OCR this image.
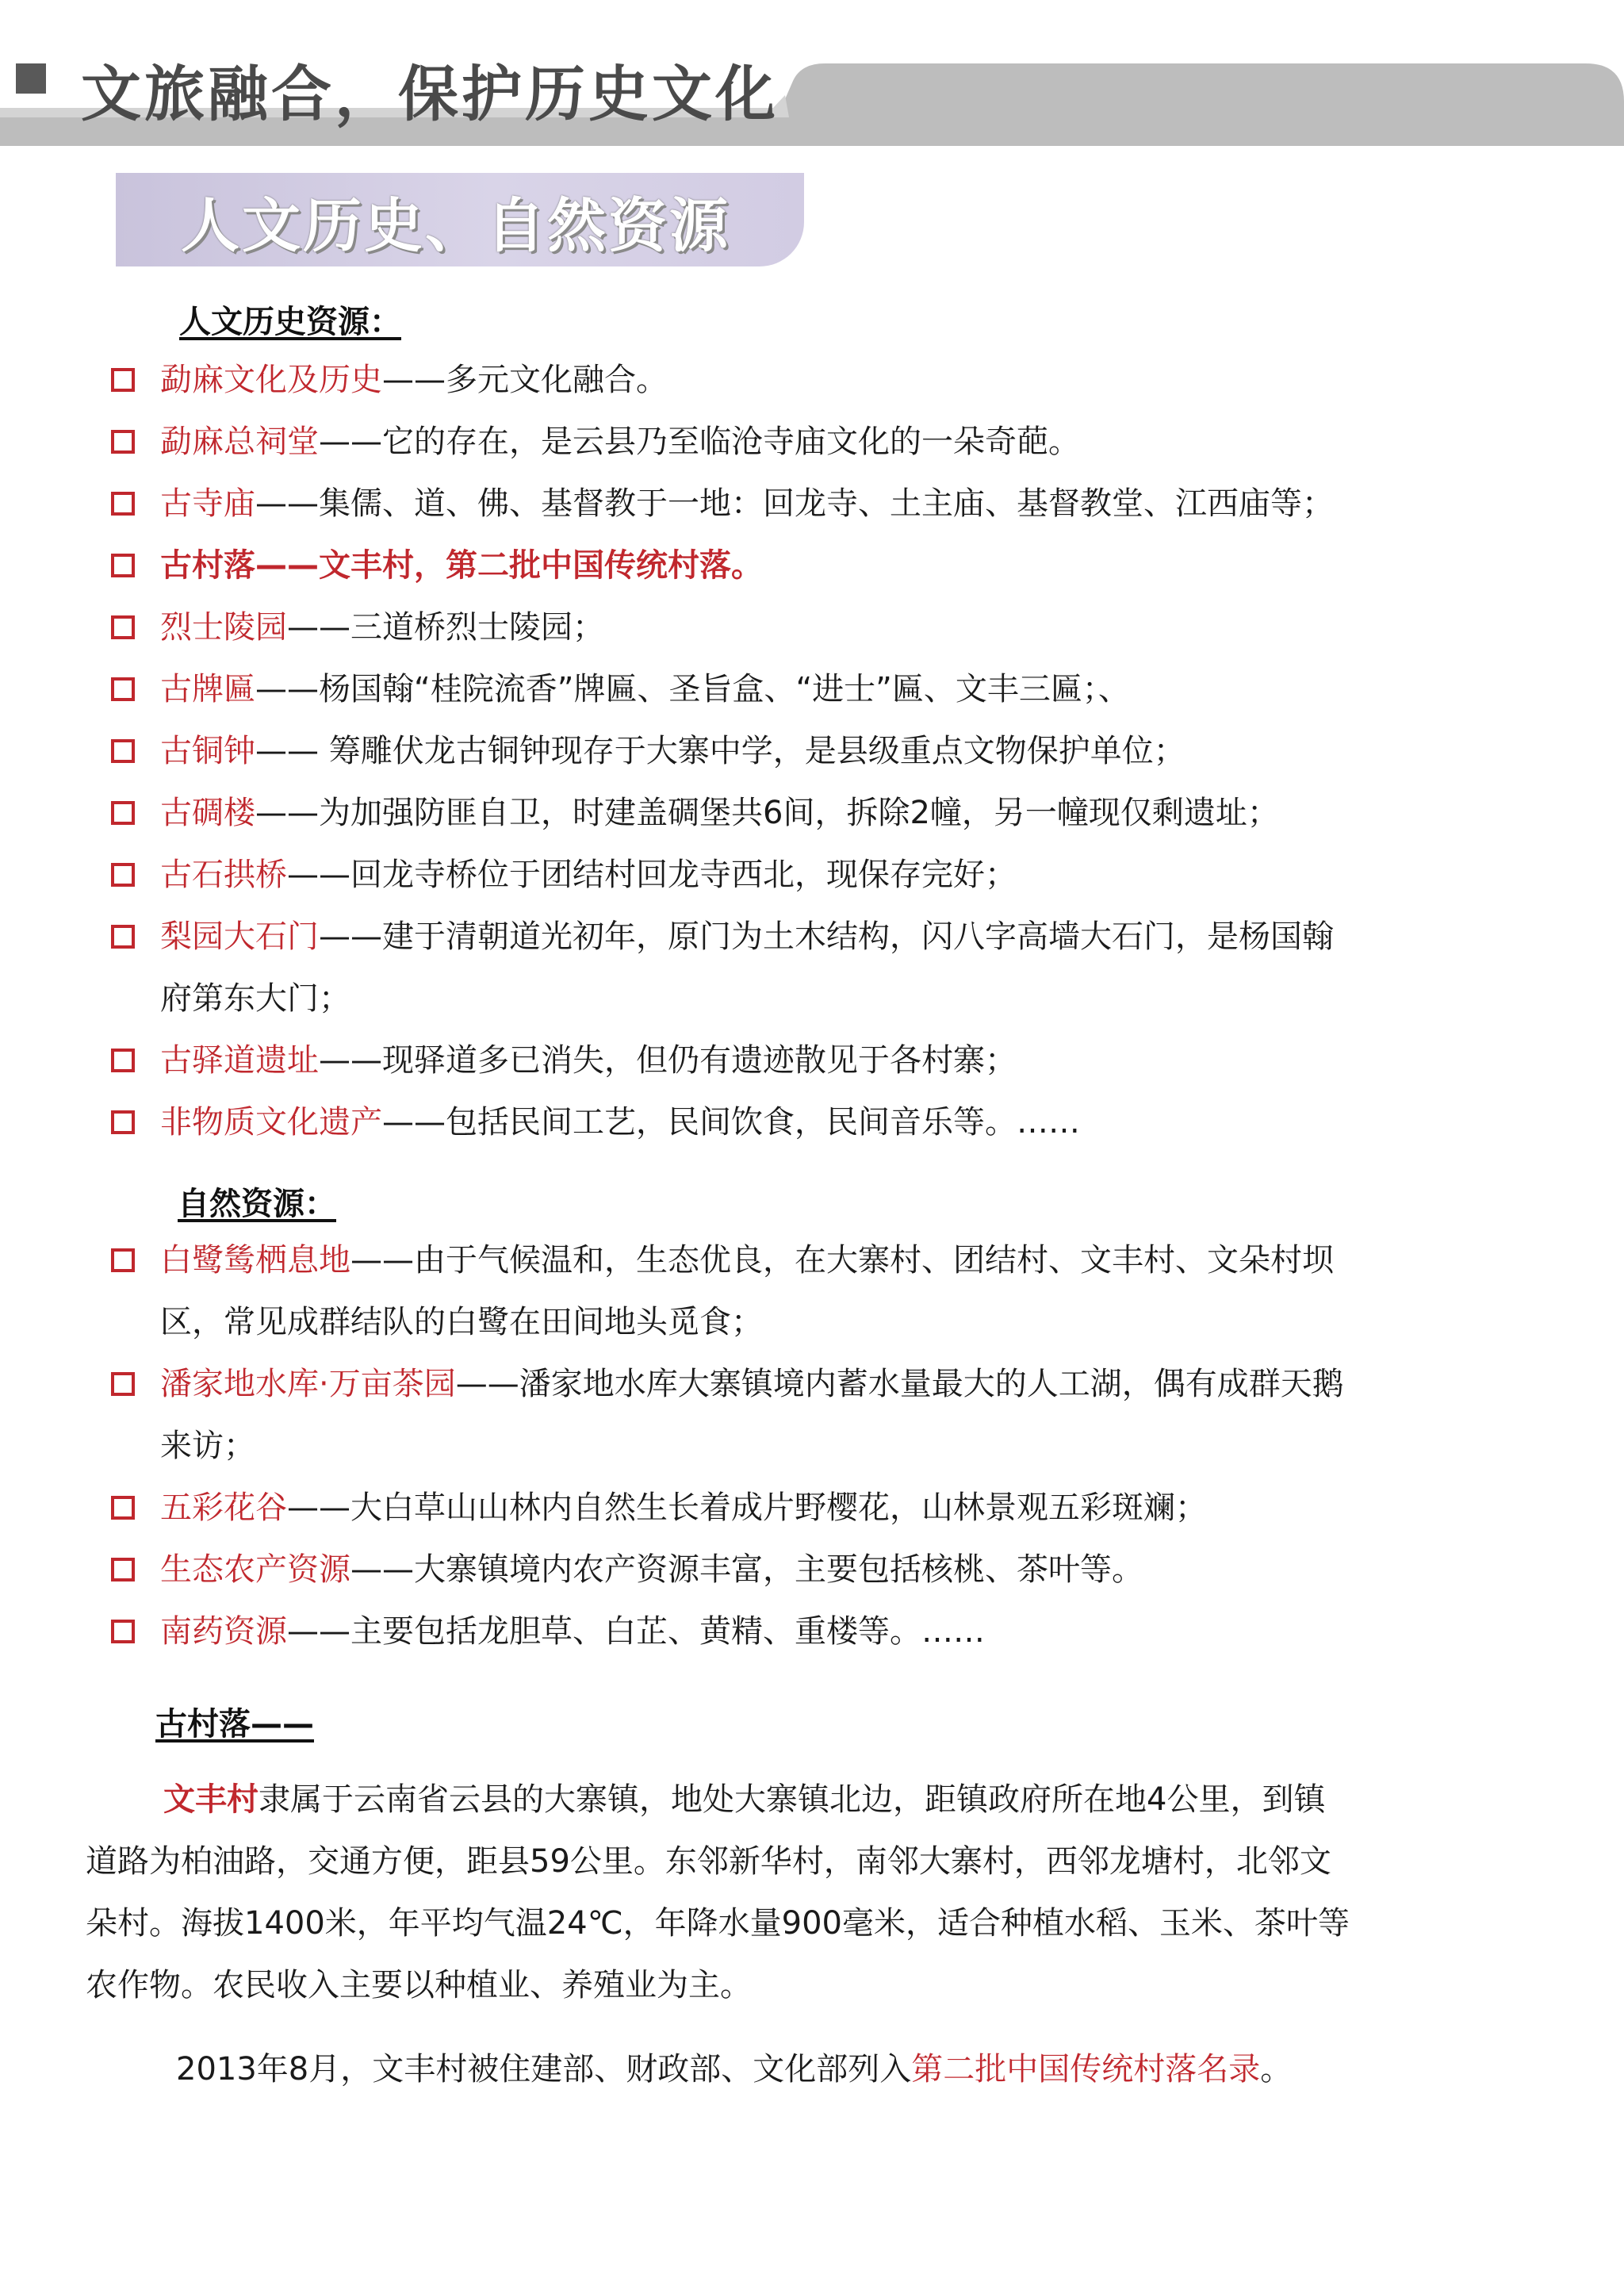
文旅融合，保护历史文化
人文历史、自然资源
人文历史资源：
勐麻文化及历史——多元文化融合。
勐麻总祠堂——它的存在，是云县乃至临沧寺庙文化的一朵奇葩。
古寺庙——集儒、道、佛、基督教于一地：回龙寺、土主庙、基督教堂、江西庙等；
古村落——文丰村，第二批中国传统村落。
烈士陵园——三道桥烈士陵园；
古牌匾——杨国翰“桂院流香”牌匾、圣旨盒、“进士”匾、文丰三匾；、
古铜钟—— 筹雕伏龙古铜钟现存于大寨中学，是县级重点文物保护单位；
古碉楼——为加强防匪自卫，时建盖碉堡共6间，拆除2幢，另一幢现仅剩遗址；
古石拱桥——回龙寺桥位于团结村回龙寺西北，现保存完好；
梨园大石门——建于清朝道光初年，原门为土木结构，闪八字高墙大石门，是杨国翰
府第东大门；
古驿道遗址——现驿道多已消失，但仍有遗迹散见于各村寨；
非物质文化遗产——包括民间工艺，民间饮食，民间音乐等。……
自然资源：
白鹭鸶栖息地——由于气候温和，生态优良，在大寨村、团结村、文丰村、文朵村坝
区，常见成群结队的白鹭在田间地头觅食；
潘家地水库·万亩茶园——潘家地水库大寨镇境内蓄水量最大的人工湖，偶有成群天鹅
来访；
五彩花谷——大白草山山林内自然生长着成片野樱花，山林景观五彩斑斓；
生态农产资源——大寨镇境内农产资源丰富，主要包括核桃、茶叶等。
南药资源——主要包括龙胆草、白芷、黄精、重楼等。……
古村落——
文丰村隶属于云南省云县的大寨镇，地处大寨镇北边，距镇政府所在地4公里，到镇
道路为柏油路，交通方便，距县59公里。东邻新华村，南邻大寨村，西邻龙塘村，北邻文
朵村。海拔1400米，年平均气温24℃，年降水量900毫米，适合种植水稻、玉米、茶叶等
农作物。农民收入主要以种植业、养殖业为主。
2013年8月，文丰村被住建部、财政部、文化部列入第二批中国传统村落名录。
